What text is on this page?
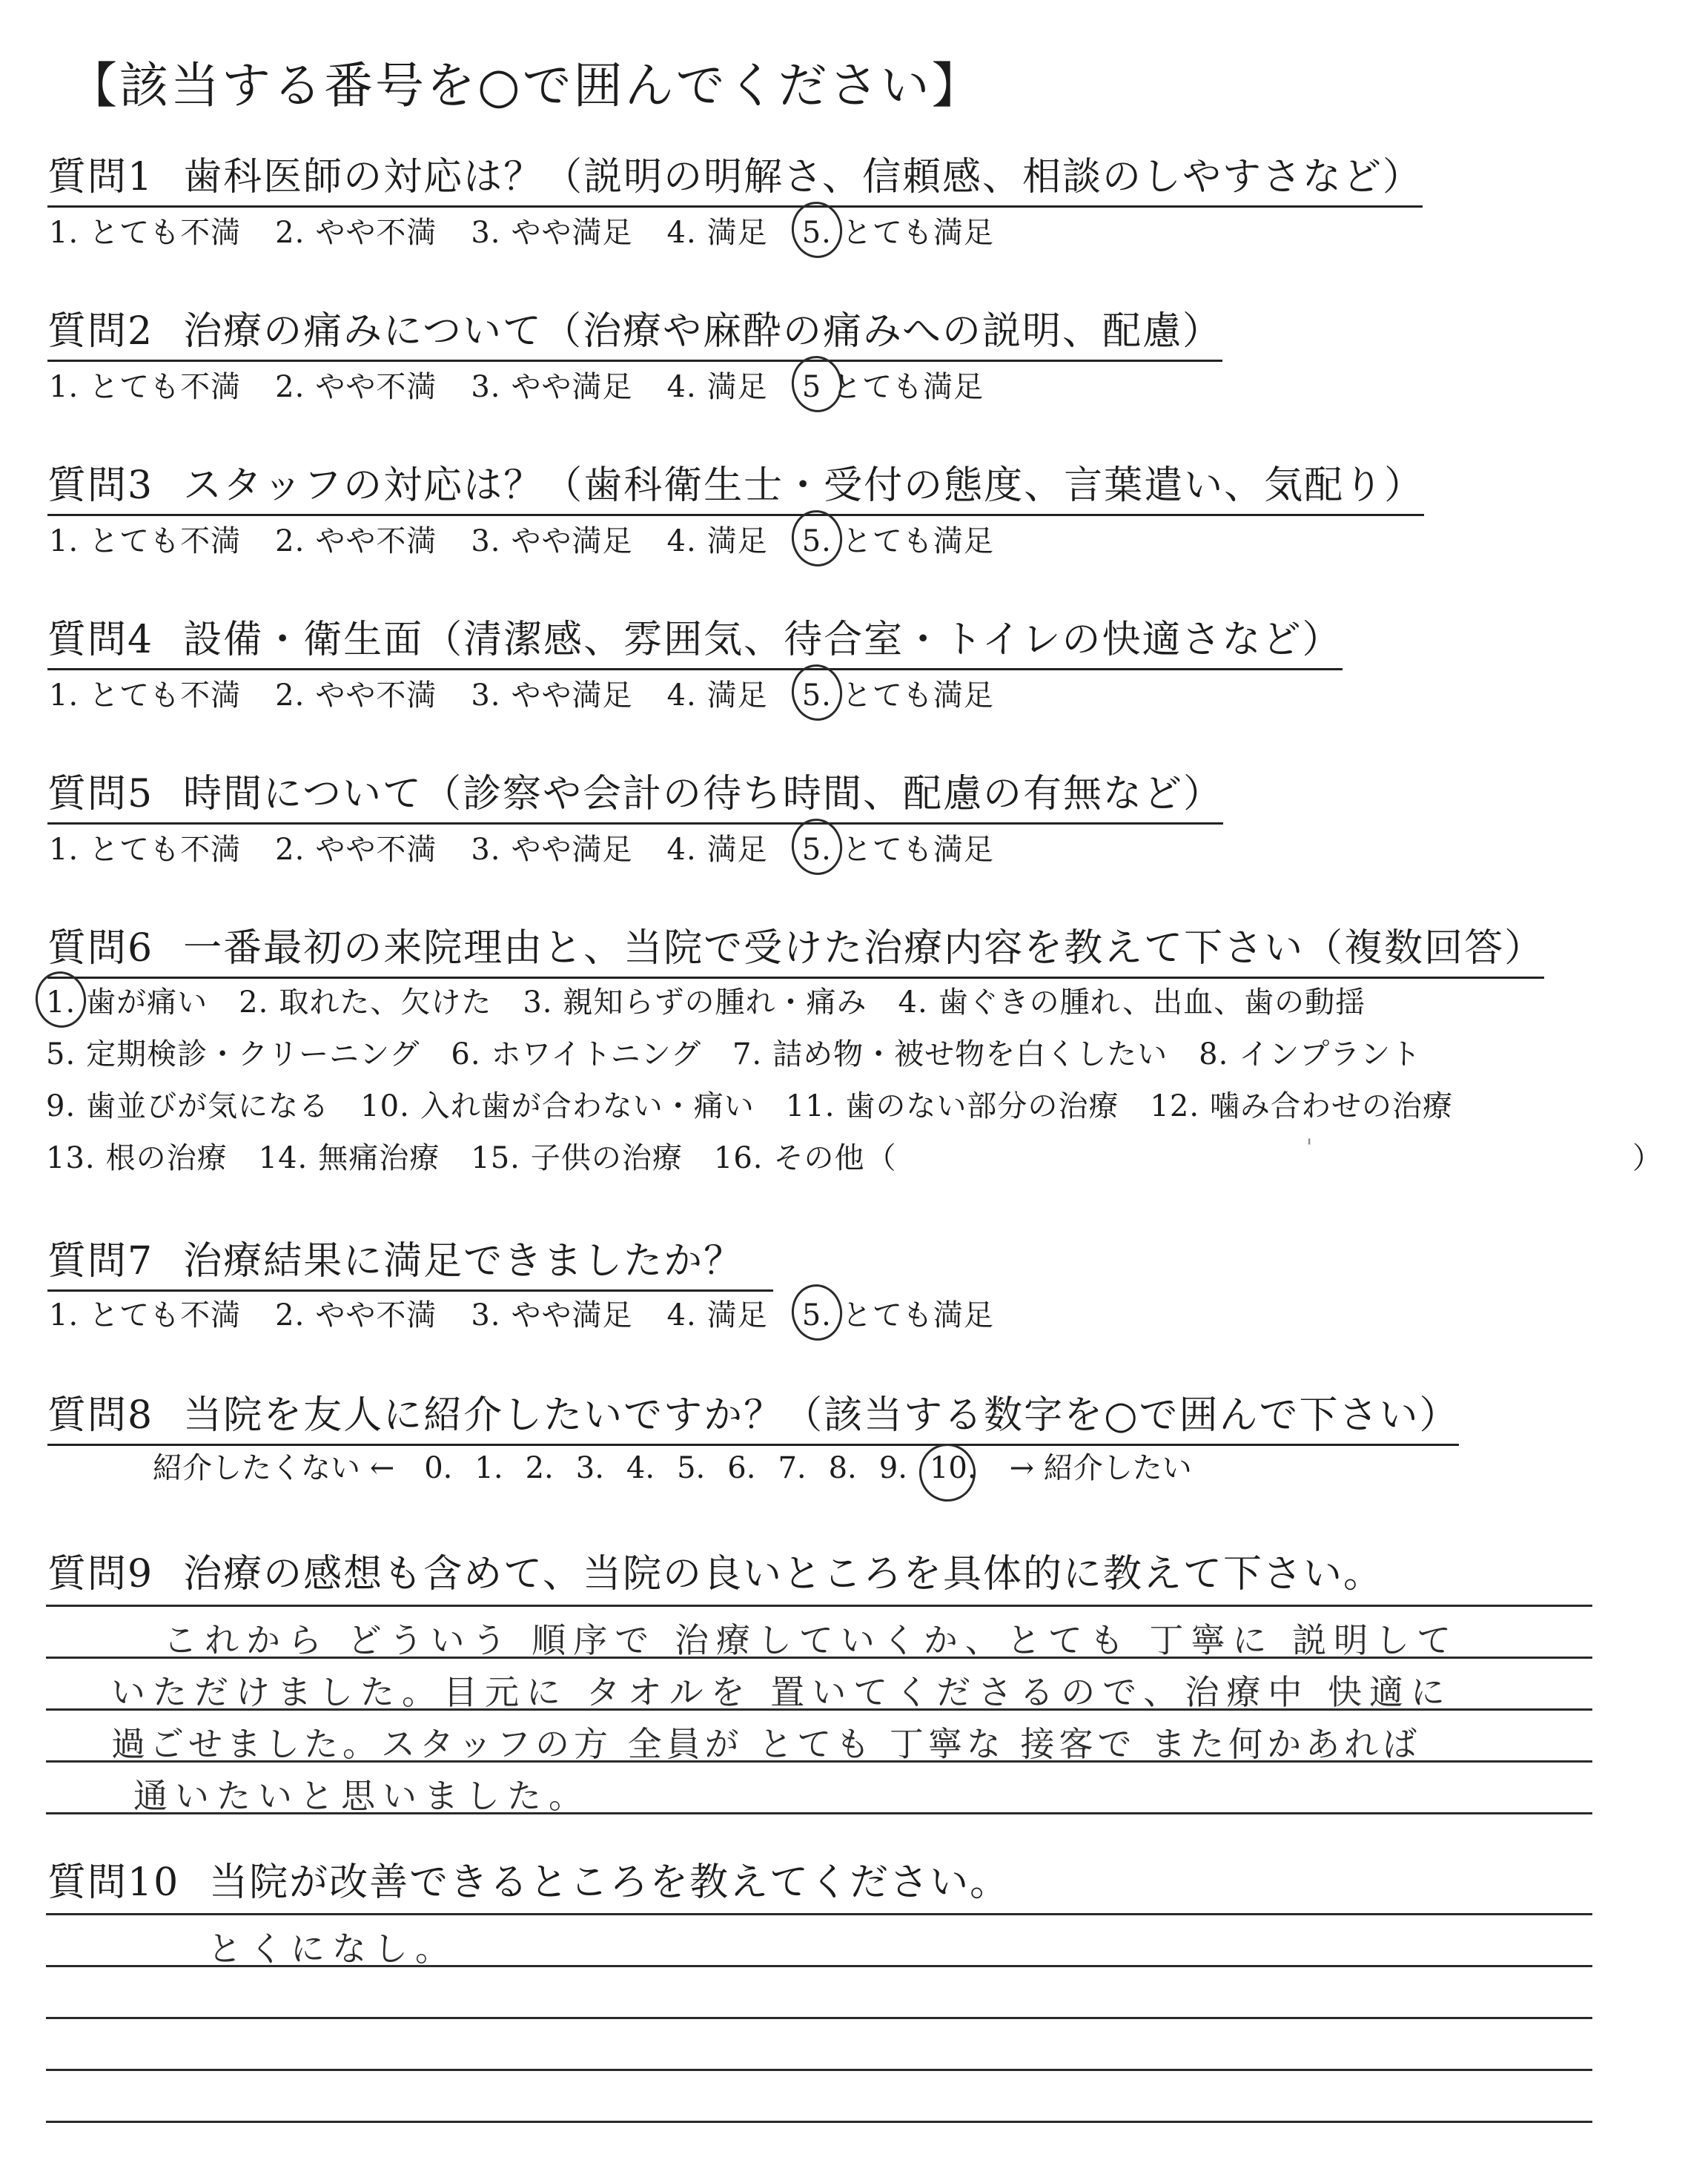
【該当する番号を○で囲んでください】
質問1 歯科医師の対応は？（説明の明解さ、信頼感、相談のしやすさなど）
1. とても不満 2. やや不満 3. やや満足 4. 満足 5. とても満足
質問2 治療の痛みについて（治療や麻酔の痛みへの説明、配慮）
1. とても不満 2. やや不満 3. やや満足 4. 満足 5 とても満足
質問3 スタッフの対応は？（歯科衛生士・受付の態度、言葉遣い、気配り）
1. とても不満 2. やや不満 3. やや満足 4. 満足 5. とても満足
質問4 設備・衛生面（清潔感、雰囲気、待合室・トイレの快適さなど）
1. とても不満 2. やや不満 3. やや満足 4. 満足 5. とても満足
質問5 時間について（診察や会計の待ち時間、配慮の有無など）
1. とても不満 2. やや不満 3. やや満足 4. 満足 5. とても満足
質問6 一番最初の来院理由と、当院で受けた治療内容を教えて下さい（複数回答）
1. 歯が痛い 2. 取れた、欠けた 3. 親知らずの腫れ・痛み 4. 歯ぐきの腫れ、出血、歯の動揺
5. 定期検診・クリーニング 6. ホワイトニング 7. 詰め物・被せ物を白くしたい 8. インプラント
9. 歯並びが気になる 10. 入れ歯が合わない・痛い 11. 歯のない部分の治療 12. 噛み合わせの治療
13. 根の治療 14. 無痛治療 15. 子供の治療 16. その他（	'	）
質問7 治療結果に満足できましたか？
1. とても不満 2. やや不満 3. やや満足 4. 満足 5. とても満足
質問8 当院を友人に紹介したいですか？（該当する数字を○で囲んで下さい）
紹介したくない ← 0. 1. 2. 3. 4. 5. 6. 7. 8. 9. 10. → 紹介したい
質問9 治療の感想も含めて、当院の良いところを具体的に教えて下さい。
これから どういう 順序で 治療していくか、とても 丁寧に 説明して
いただけました。目元に タオルを 置いてくださるので、治療中 快適に
過ごせました。スタッフの方 全員が とても 丁寧な 接客で また何かあれば
通いたいと思いました。
質問10 当院が改善できるところを教えてください。
とくになし。
